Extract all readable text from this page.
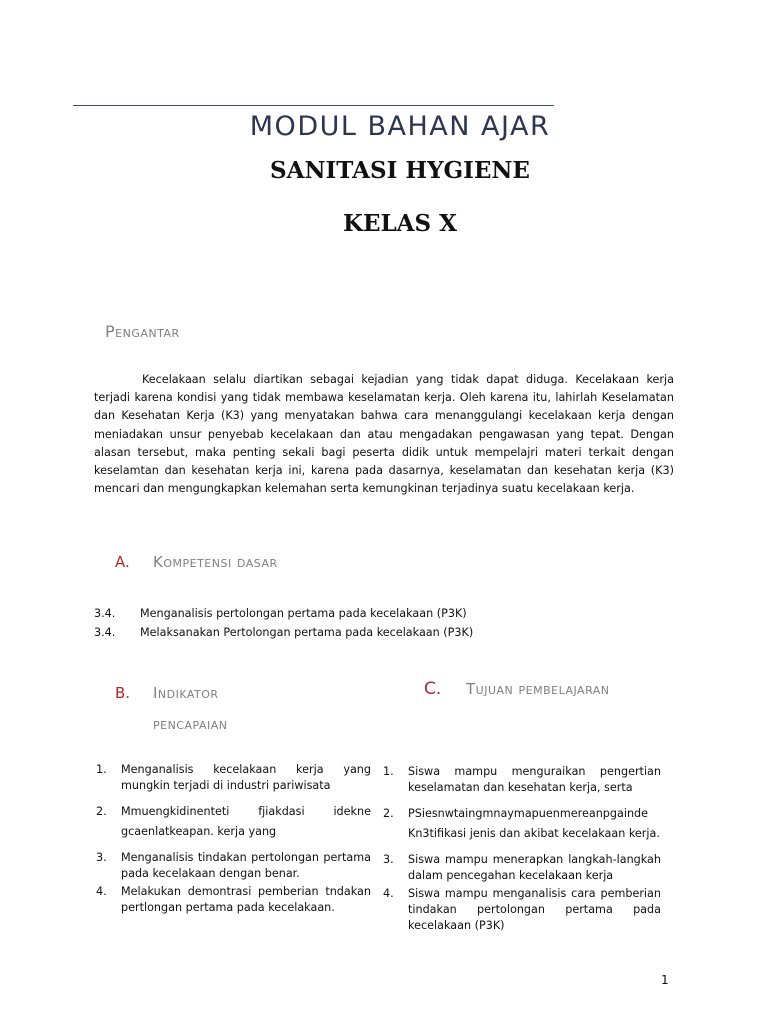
MODUL BAHAN AJAR
SANITASI HYGIENE
KELAS X
Pengantar

Kecelakaan selalu diartikan sebagai kejadian yang tidak dapat diduga. Kecelakaan kerja terjadi karena kondisi yang tidak membawa keselamatan kerja. Oleh karena itu, lahirlah Keselamatan dan Kesehatan Kerja (K3) yang menyatakan bahwa cara menanggulangi kecelakaan kerja dengan meniadakan unsur penyebab kecelakaan dan atau mengadakan pengawasan yang tepat. Dengan alasan tersebut, maka penting sekali bagi peserta didik untuk mempelajri materi terkait dengan keselamtan dan kesehatan kerja ini, karena pada dasarnya, keselamatan dan kesehatan kerja (K3) mencari dan mengungkapkan kelemahan serta kemungkinan terjadinya suatu kecelakaan kerja.

A. Kompetensi dasar
3.4. Menganalisis pertolongan pertama pada kecelakaan (P3K)
3.4. Melaksanakan Pertolongan pertama pada kecelakaan (P3K)
B. Indikator
pencapaian
C. Tujuan pembelajaran
1.	Menganalisis kecelakaan kerja yang mungkin terjadi di industri pariwisata
2.	Mmuengkidinenteti fjiakdasi idekne gcaenlatkeapan. kerja yang
3.	Menganalisis tindakan pertolongan pertama pada kecelakaan dengan benar.
4.	Melakukan demontrasi pemberian tndakan pertlongan pertama pada kecelakaan.
1.	Siswa mampu menguraikan pengertian keselamatan dan kesehatan kerja, serta
2.	PSiesnwtaingmnaymapuenmereanpgainde Kn3tifikasi jenis dan akibat kecelakaan kerja.
3.	Siswa mampu menerapkan langkah-langkah dalam pencegahan kecelakaan kerja
4.	Siswa mampu menganalisis cara pemberian tindakan pertolongan pertama pada kecelakaan (P3K)
1
